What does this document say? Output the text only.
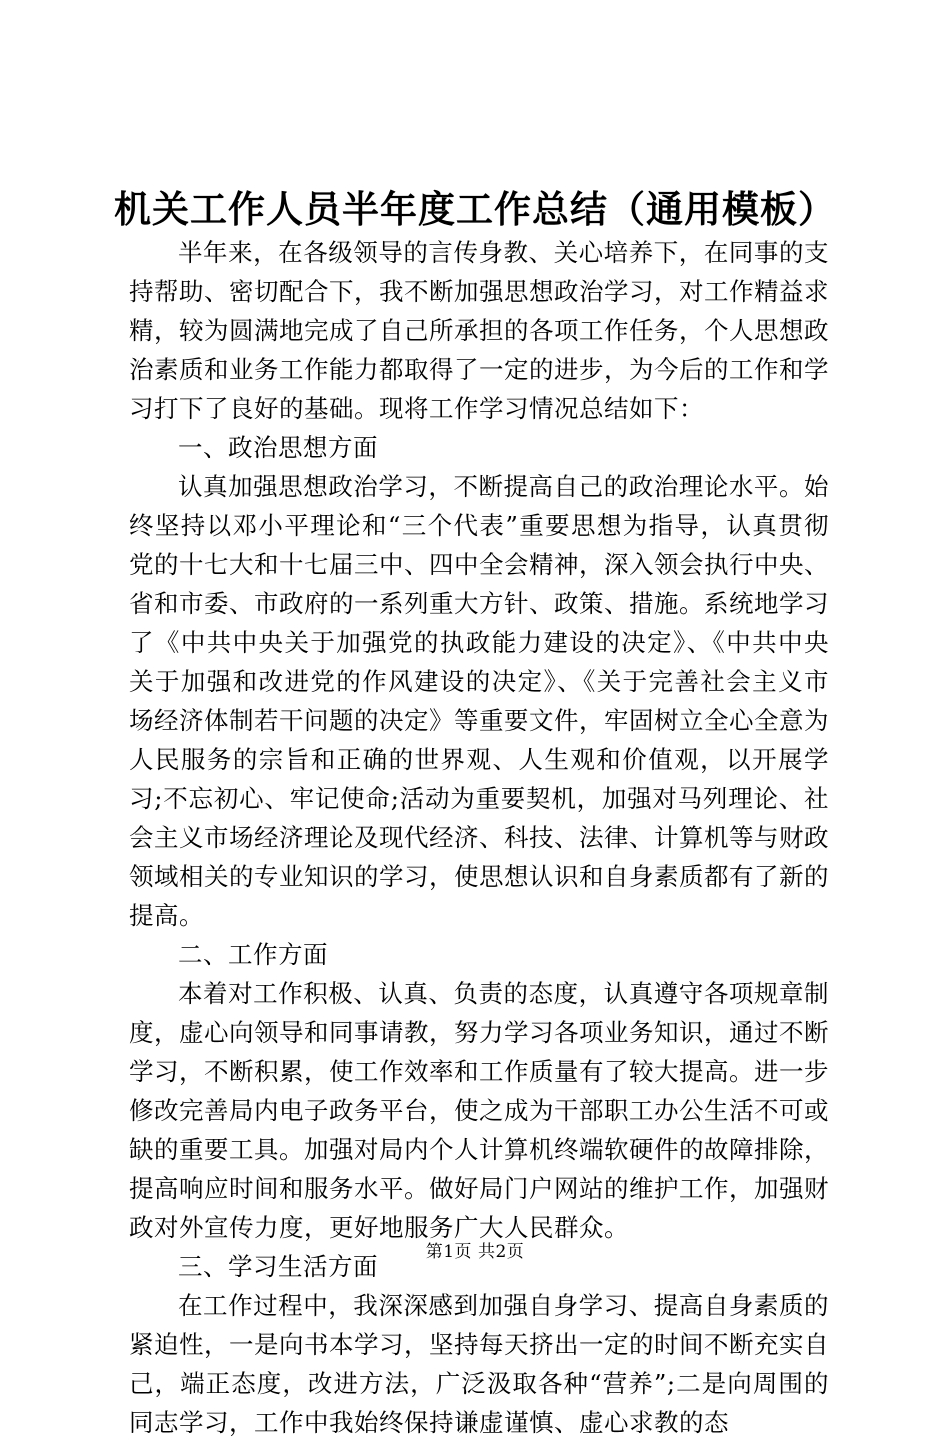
机关工作人员半年度工作总结（通用模板）

半年来，在各级领导的言传身教、关心培养下，在同事的支持帮助、密切配合下，我不断加强思想政治学习，对工作精益求精，较为圆满地完成了自己所承担的各项工作任务，个人思想政治素质和业务工作能力都取得了一定的进步，为今后的工作和学习打下了良好的基础。现将工作学习情况总结如下：

一、政治思想方面

认真加强思想政治学习，不断提高自己的政治理论水平。始终坚持以邓小平理论和“三个代表”重要思想为指导，认真贯彻党的十七大和十七届三中、四中全会精神，深入领会执行中央、省和市委、市政府的一系列重大方针、政策、措施。系统地学习了《中共中央关于加强党的执政能力建设的决定》、《中共中央关于加强和改进党的作风建设的决定》、《关于完善社会主义市场经济体制若干问题的决定》等重要文件，牢固树立全心全意为人民服务的宗旨和正确的世界观、人生观和价值观，以开展学习;不忘初心、牢记使命;活动为重要契机，加强对马列理论、社会主义市场经济理论及现代经济、科技、法律、计算机等与财政领域相关的专业知识的学习，使思想认识和自身素质都有了新的提高。

二、工作方面

本着对工作积极、认真、负责的态度，认真遵守各项规章制度，虚心向领导和同事请教，努力学习各项业务知识，通过不断学习，不断积累，使工作效率和工作质量有了较大提高。进一步修改完善局内电子政务平台，使之成为干部职工办公生活不可或缺的重要工具。加强对局内个人计算机终端软硬件的故障排除，提高响应时间和服务水平。做好局门户网站的维护工作，加强财政对外宣传力度，更好地服务广大人民群众。

三、学习生活方面

在工作过程中，我深深感到加强自身学习、提高自身素质的紧迫性，一是向书本学习，坚持每天挤出一定的时间不断充实自己，端正态度，改进方法，广泛汲取各种“营养”;二是向周围的同志学习，工作中我始终保持谦虚谨慎、虚心求教的态

第1页 共2页
